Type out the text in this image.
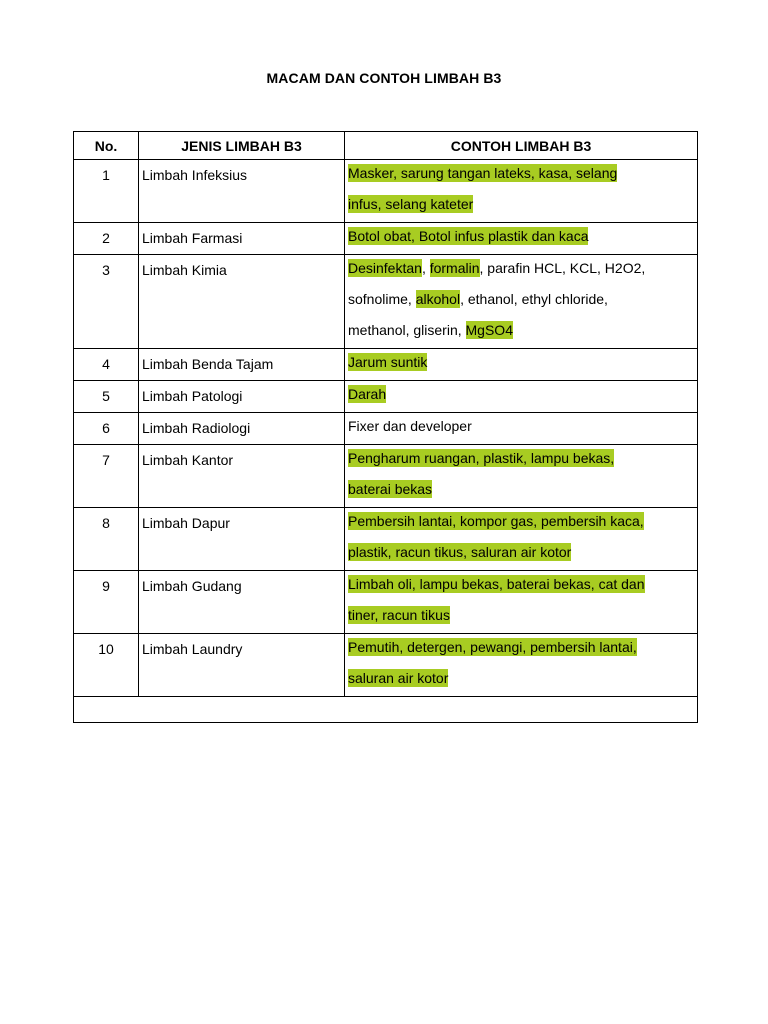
MACAM DAN CONTOH LIMBAH B3
No.	JENIS LIMBAH B3	CONTOH LIMBAH B3
1	Limbah Infeksius	Masker, sarung tangan lateks, kasa, selang
infus, selang kateter

2	Limbah Farmasi	Botol obat, Botol infus plastik dan kaca

3	Limbah Kimia	Desinfektan, formalin, parafin HCL, KCL, H2O2,
sofnolime, alkohol, ethanol, ethyl chloride,
methanol, gliserin, MgSO4

4	Limbah Benda Tajam	Jarum suntik

5	Limbah Patologi	Darah

6	Limbah Radiologi	Fixer dan developer

7	Limbah Kantor	Pengharum ruangan, plastik, lampu bekas,
baterai bekas

8	Limbah Dapur	Pembersih lantai, kompor gas, pembersih kaca,
plastik, racun tikus, saluran air kotor

9	Limbah Gudang	Limbah oli, lampu bekas, baterai bekas, cat dan
tiner, racun tikus

10	Limbah Laundry	Pemutih, detergen, pewangi, pembersih lantai,
saluran air kotor
